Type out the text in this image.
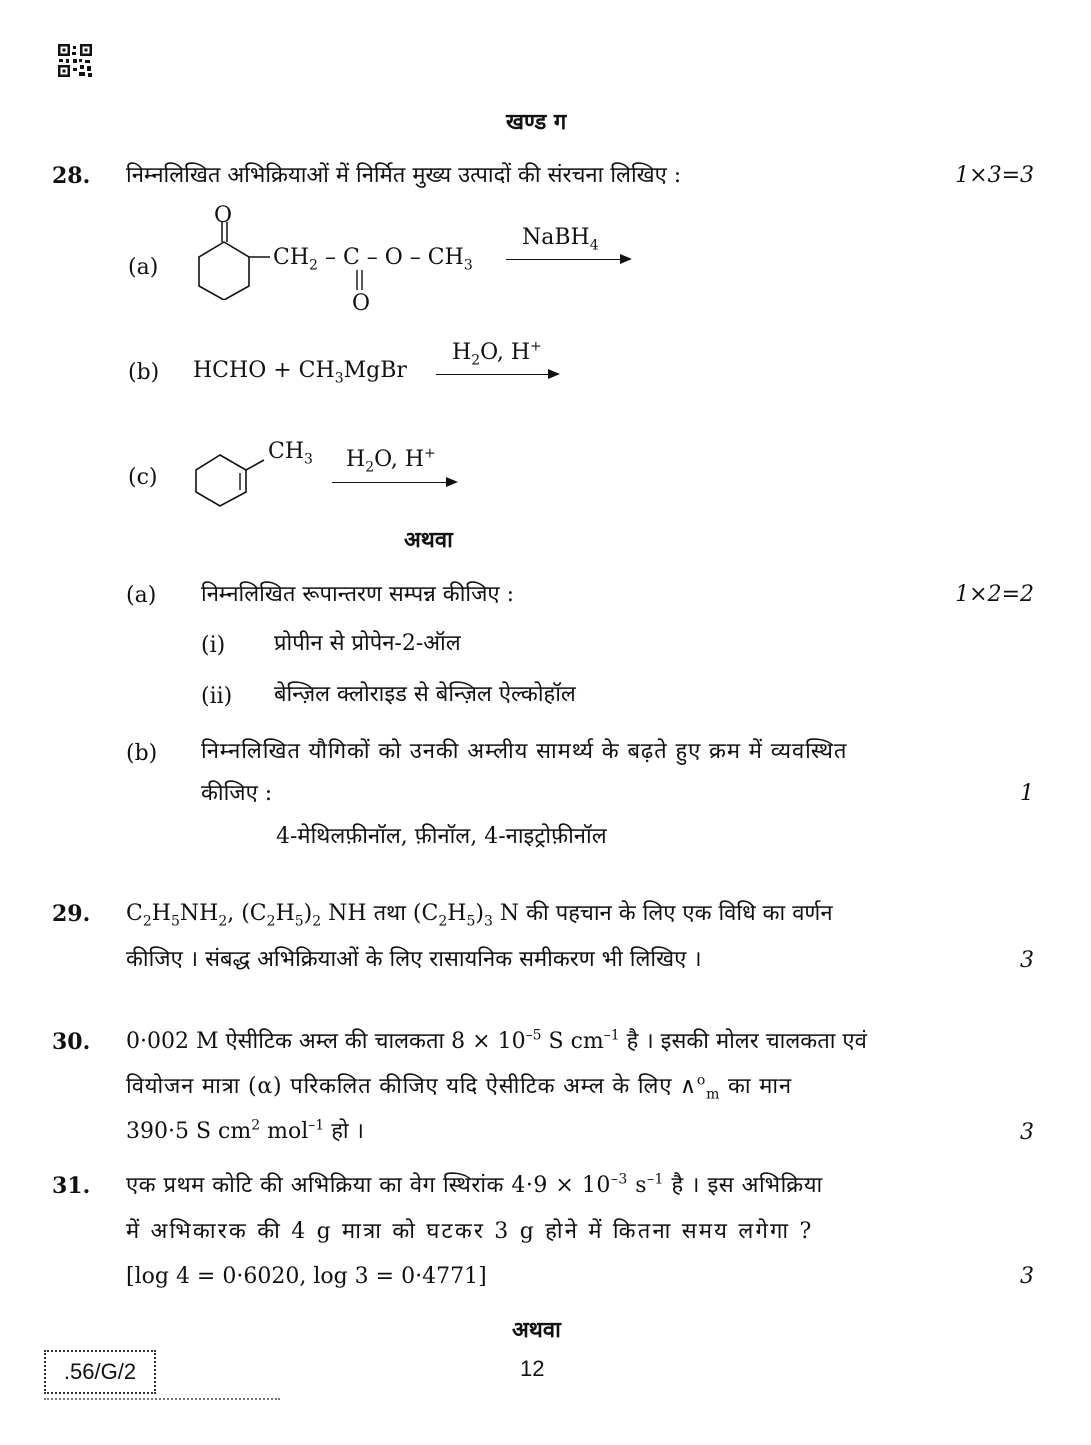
खण्ड ग
28. निम्नलिखित अभिक्रियाओं में निर्मित मुख्य उत्पादों की संरचना लिखिए :	1×3=3
(a)
O
$CH_2$ – C – O – $CH_3$
O
NaBH$_4$
(b) HCHO + $CH_3MgBr$
$H_2O$, H+
(c)
$CH_3$ $H_2O$, H+
अथवा
(a) निम्नलिखित रूपान्तरण सम्पन्न कीजिए :	1×2=2
(i) प्रोपीन से प्रोपेन-2-ऑल
(ii) बेन्ज़िल क्लोराइड से बेन्ज़िल ऐल्कोहॉल
(b) निम्नलिखित यौगिकों को उनकी अम्लीय सामर्थ्य के बढ़ते हुए क्रम में व्यवस्थित
कीजिए :	1
4-मेथिलफ़ीनॉल, फ़ीनॉल, 4-नाइट्रोफ़ीनॉल
29. $C_2H_5NH_2$, $(C_2H_5)_2$ NH तथा $(C_2H_5)_3$ N की पहचान के लिए एक विधि का वर्णन
कीजिए । संबद्ध अभिक्रियाओं के लिए रासायनिक समीकरण भी लिखिए ।	3
30. 0·002 M ऐसीटिक अम्ल की चालकता $8 \times 10^{-5}$ S $cm^{-1}$ है । इसकी मोलर चालकता एवं
वियोजन मात्रा (α) परिकलित कीजिए यदि ऐसीटिक अम्ल के लिए ∧$^o_m$ का मान
390·5 S $cm^2$ mol$^{-1}$ हो ।	3
31. एक प्रथम कोटि की अभिक्रिया का वेग स्थिरांक $4\cdot 9 \times 10^{-3}$ $s^{-1}$ है । इस अभिक्रिया
में अभिकारक की 4 g मात्रा को घटकर 3 g होने में कितना समय लगेगा ?
[log 4 = 0·6020, log 3 = 0·4771]	3
अथवा
.56/G/2	12
